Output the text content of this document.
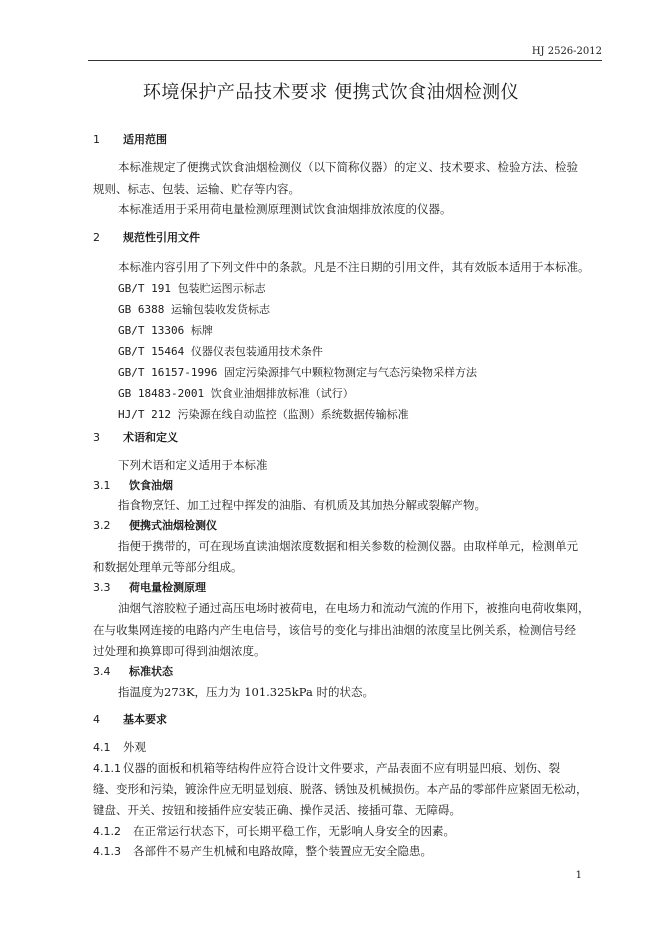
HJ 2526-2012
环境保护产品技术要求 便携式饮食油烟检测仪
1 适用范围
本标准规定了便携式饮食油烟检测仪（以下简称仪器）的定义、技术要求、检验方法、检验
规则、标志、包装、运输、贮存等内容。
本标准适用于采用荷电量检测原理测试饮食油烟排放浓度的仪器。
2 规范性引用文件
本标准内容引用了下列文件中的条款。凡是不注日期的引用文件，其有效版本适用于本标准。
GB/T 191 包装贮运图示标志
GB 6388 运输包装收发货标志
GB/T 13306 标牌
GB/T 15464 仪器仪表包装通用技术条件
GB/T 16157-1996 固定污染源排气中颗粒物测定与气态污染物采样方法
GB 18483-2001 饮食业油烟排放标准（试行）
HJ/T 212 污染源在线自动监控（监测）系统数据传输标准
3 术语和定义
下列术语和定义适用于本标准
3.1 饮食油烟
指食物烹饪、加工过程中挥发的油脂、有机质及其加热分解或裂解产物。
3.2 便携式油烟检测仪
指便于携带的，可在现场直读油烟浓度数据和相关参数的检测仪器。由取样单元，检测单元
和数据处理单元等部分组成。
3.3 荷电量检测原理
油烟气溶胶粒子通过高压电场时被荷电，在电场力和流动气流的作用下，被推向电荷收集网，
在与收集网连接的电路内产生电信号，该信号的变化与排出油烟的浓度呈比例关系，检测信号经
过处理和换算即可得到油烟浓度。
3.4 标准状态
指温度为273K，压力为 101.325kPa 时的状态。
4 基本要求
4.1 外观
4.1.1 仪器的面板和机箱等结构件应符合设计文件要求，产品表面不应有明显凹痕、划伤、裂
缝、变形和污染，镀涂件应无明显划痕、脱落、锈蚀及机械损伤。本产品的零部件应紧固无松动，
键盘、开关、按钮和接插件应安装正确、操作灵活、接插可靠、无障碍。
4.1.2 在正常运行状态下，可长期平稳工作，无影响人身安全的因素。
4.1.3 各部件不易产生机械和电路故障，整个装置应无安全隐患。
1
